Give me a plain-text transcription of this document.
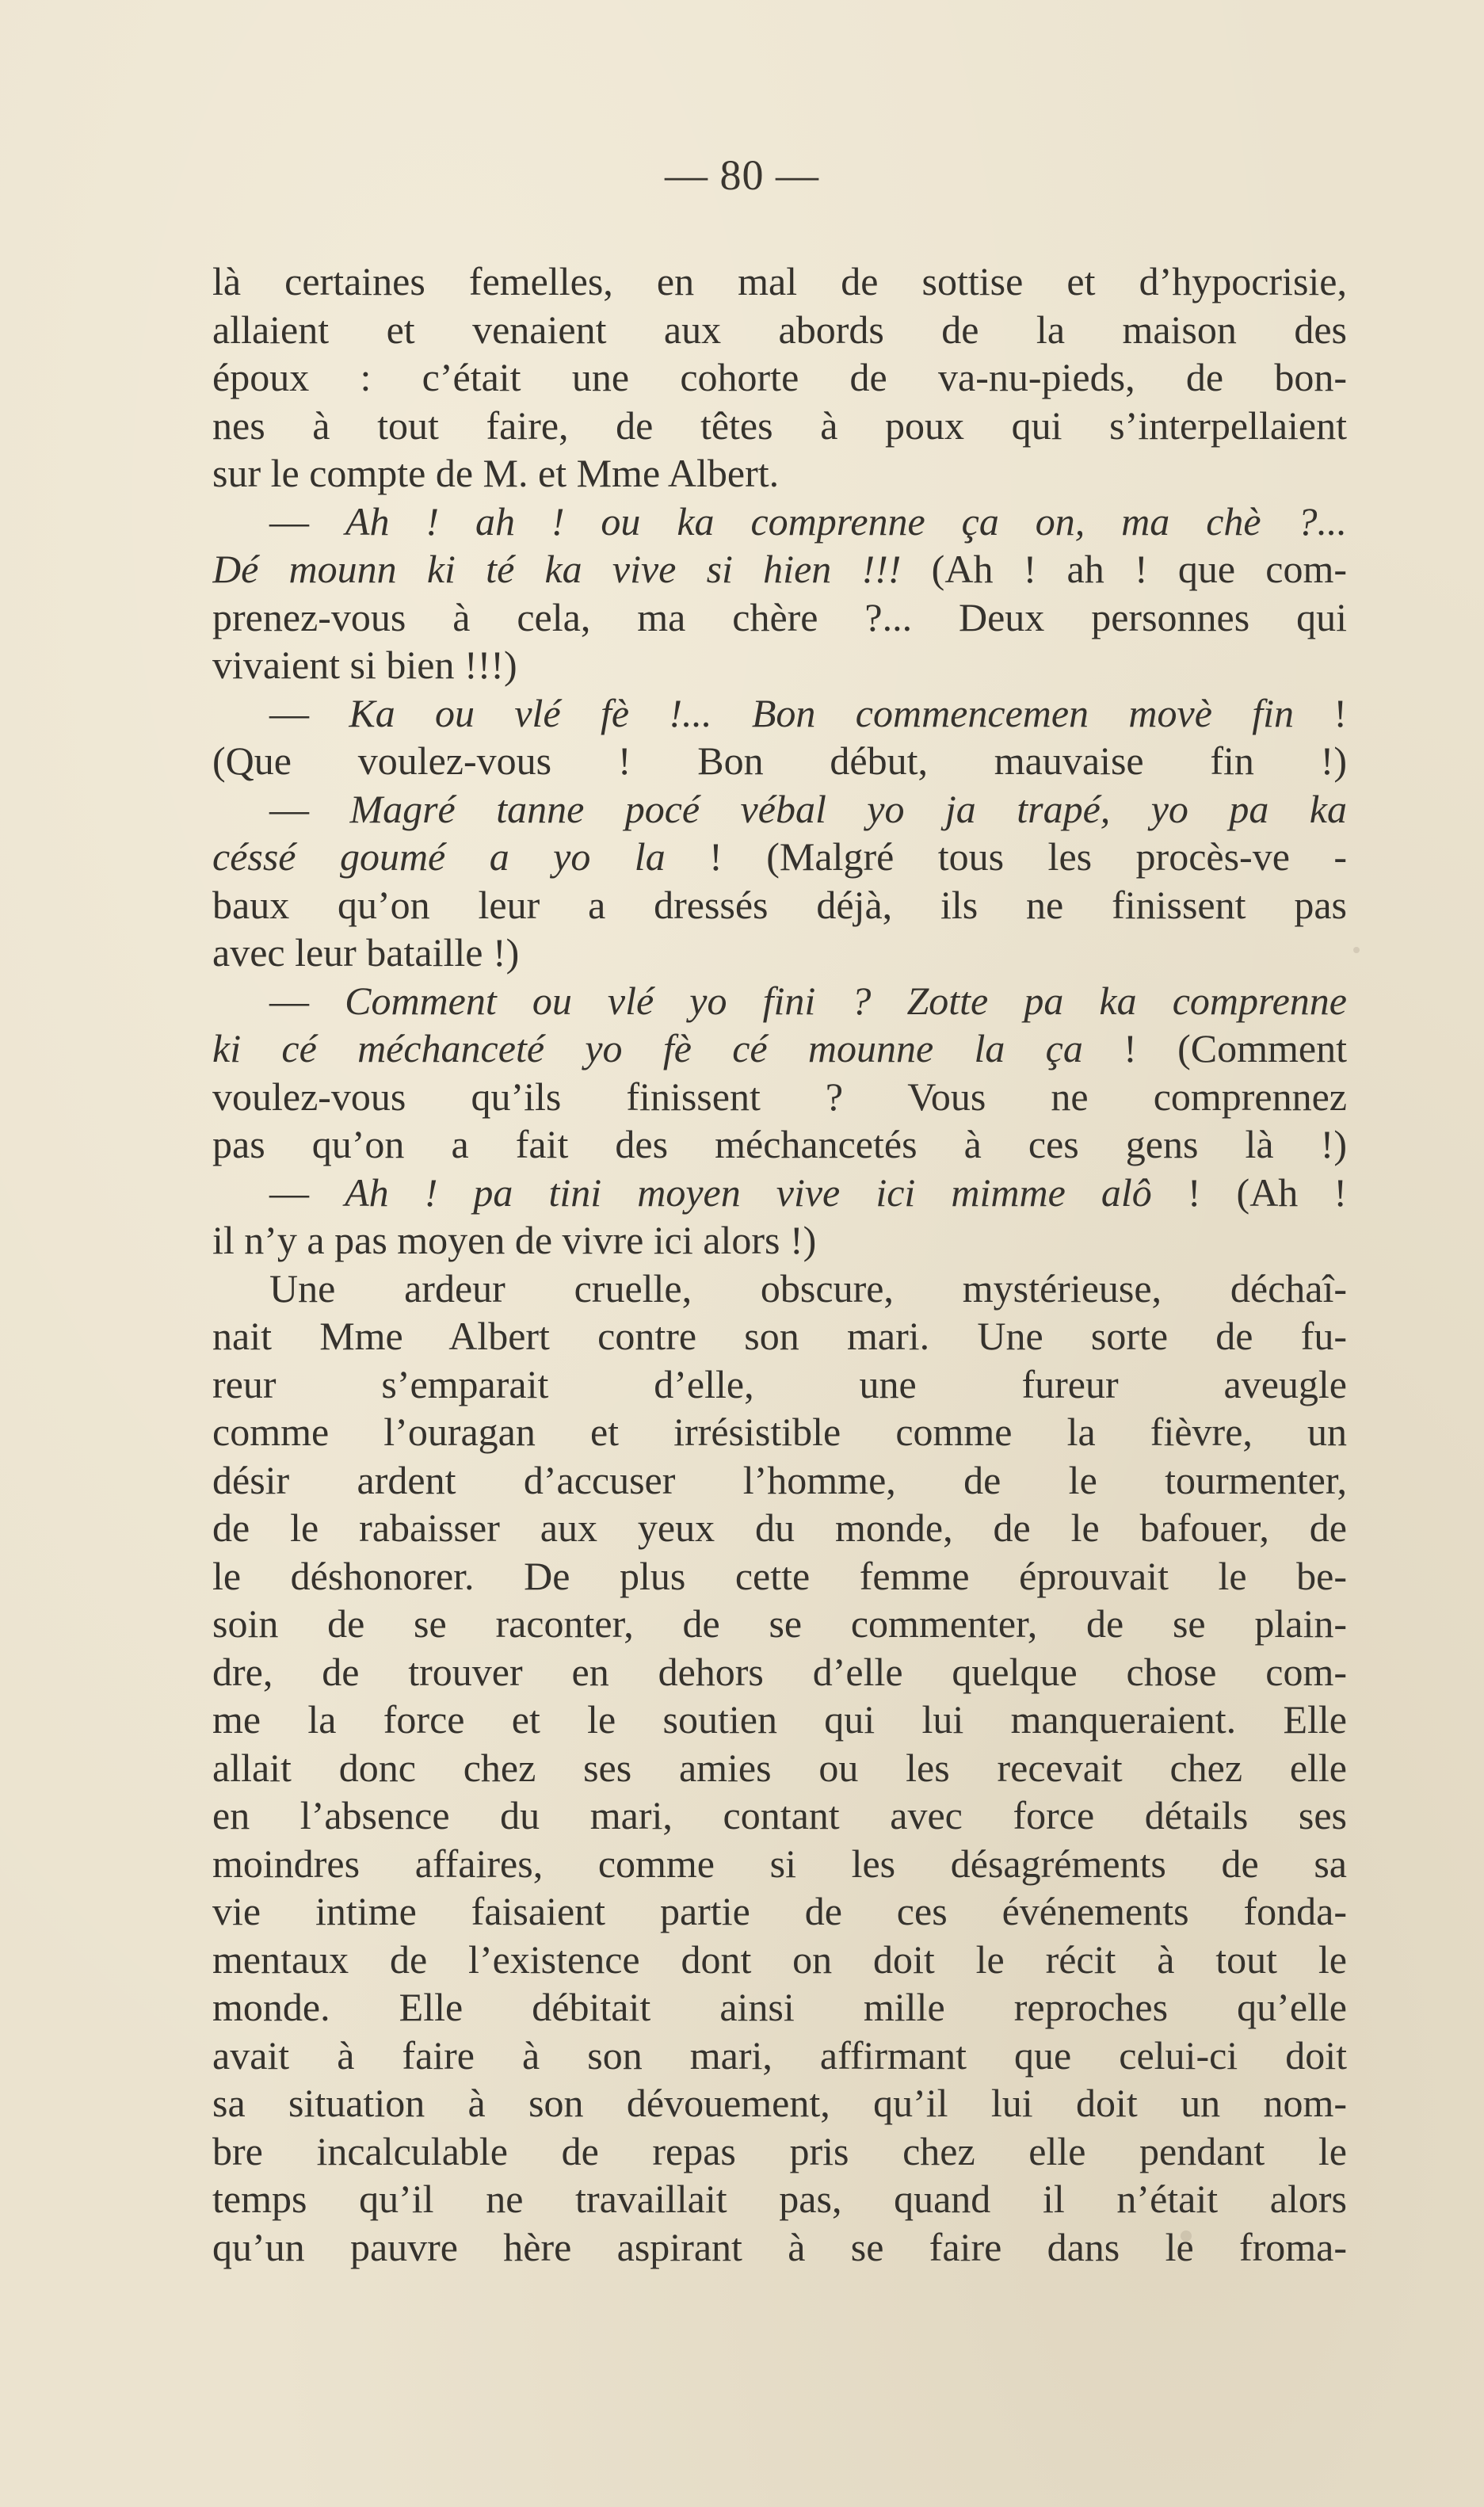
— 80 —
là certaines femelles, en mal de sottise et d’hypocrisie,
allaient et venaient aux abords de la maison des
époux : c’était une cohorte de va-nu-pieds, de bon-
nes à tout faire, de têtes à poux qui s’interpellaient
sur le compte de M. et Mme Albert.
— Ah ! ah ! ou ka comprenne ça on, ma chè ?...
Dé mounn ki té ka vive si hien !!! (Ah ! ah ! que com-
prenez-vous à cela, ma chère ?... Deux personnes qui
vivaient si bien !!!)
— Ka ou vlé fè !... Bon commencemen movè fin !
(Que voulez-vous ! Bon début, mauvaise fin !)
— Magré tanne pocé vébal yo ja trapé, yo pa ka
céssé goumé a yo la ! (Malgré tous les procès-ve -
baux qu’on leur a dressés déjà, ils ne finissent pas
avec leur bataille !)
— Comment ou vlé yo fini ? Zotte pa ka comprenne
ki cé méchanceté yo fè cé mounne la ça ! (Comment
voulez-vous qu’ils finissent ? Vous ne comprennez
pas qu’on a fait des méchancetés à ces gens là !)
— Ah ! pa tini moyen vive ici mimme alô ! (Ah !
il n’y a pas moyen de vivre ici alors !)
Une ardeur cruelle, obscure, mystérieuse, déchaî-
nait Mme Albert contre son mari. Une sorte de fu-
reur s’emparait d’elle, une fureur aveugle
comme l’ouragan et irrésistible comme la fièvre, un
désir ardent d’accuser l’homme, de le tourmenter,
de le rabaisser aux yeux du monde, de le bafouer, de
le déshonorer. De plus cette femme éprouvait le be-
soin de se raconter, de se commenter, de se plain-
dre, de trouver en dehors d’elle quelque chose com-
me la force et le soutien qui lui manqueraient. Elle
allait donc chez ses amies ou les recevait chez elle
en l’absence du mari, contant avec force détails ses
moindres affaires, comme si les désagréments de sa
vie intime faisaient partie de ces événements fonda-
mentaux de l’existence dont on doit le récit à tout le
monde. Elle débitait ainsi mille reproches qu’elle
avait à faire à son mari, affirmant que celui-ci doit
sa situation à son dévouement, qu’il lui doit un nom-
bre incalculable de repas pris chez elle pendant le
temps qu’il ne travaillait pas, quand il n’était alors
qu’un pauvre hère aspirant à se faire dans le froma-
